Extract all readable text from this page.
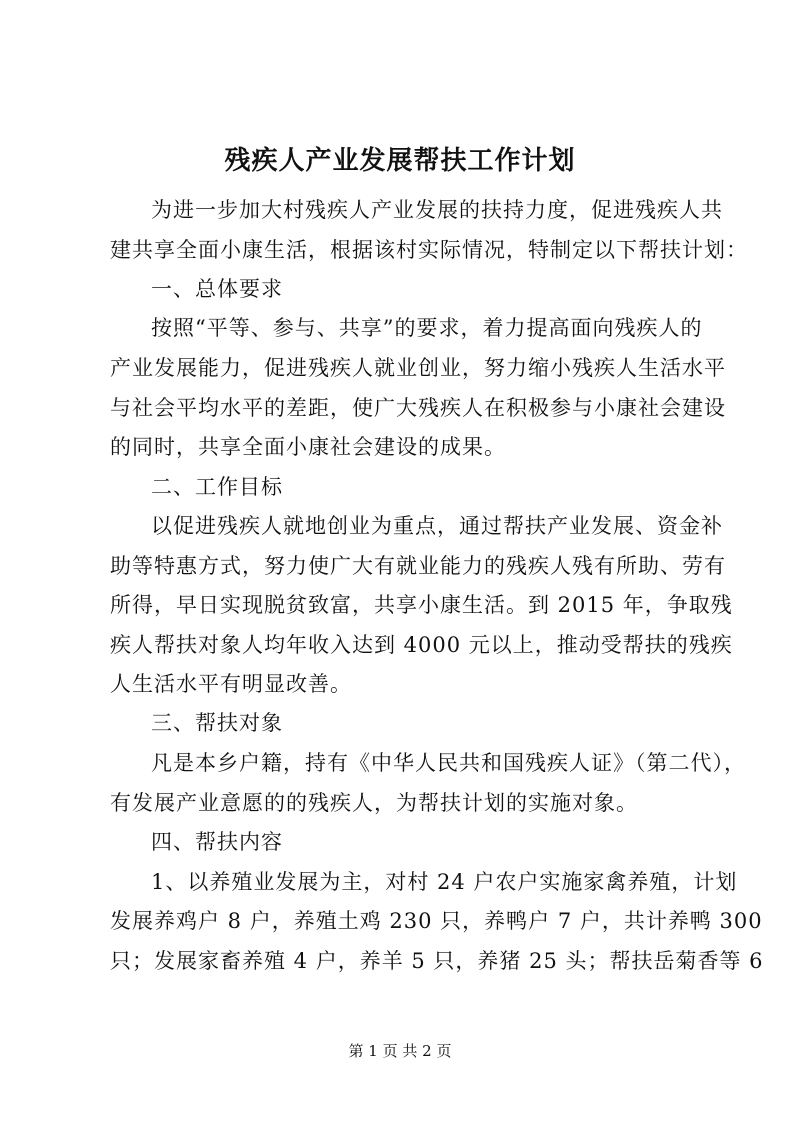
残疾人产业发展帮扶工作计划
为进一步加大村残疾人产业发展的扶持力度，促进残疾人共
建共享全面小康生活，根据该村实际情况，特制定以下帮扶计划：
一、总体要求
按照“平等、参与、共享”的要求，着力提高面向残疾人的
产业发展能力，促进残疾人就业创业，努力缩小残疾人生活水平
与社会平均水平的差距，使广大残疾人在积极参与小康社会建设
的同时，共享全面小康社会建设的成果。
二、工作目标
以促进残疾人就地创业为重点，通过帮扶产业发展、资金补
助等特惠方式，努力使广大有就业能力的残疾人残有所助、劳有
所得，早日实现脱贫致富，共享小康生活。到 2015 年，争取残
疾人帮扶对象人均年收入达到 4000 元以上，推动受帮扶的残疾
人生活水平有明显改善。
三、帮扶对象
凡是本乡户籍，持有《中华人民共和国残疾人证》（第二代），
有发展产业意愿的的残疾人，为帮扶计划的实施对象。
四、帮扶内容
1、以养殖业发展为主，对村 24 户农户实施家禽养殖，计划
发展养鸡户 8 户，养殖土鸡 230 只，养鸭户 7 户，共计养鸭 300
只；发展家畜养殖 4 户，养羊 5 只，养猪 25 头；帮扶岳菊香等 6
第 1 页 共 2 页
